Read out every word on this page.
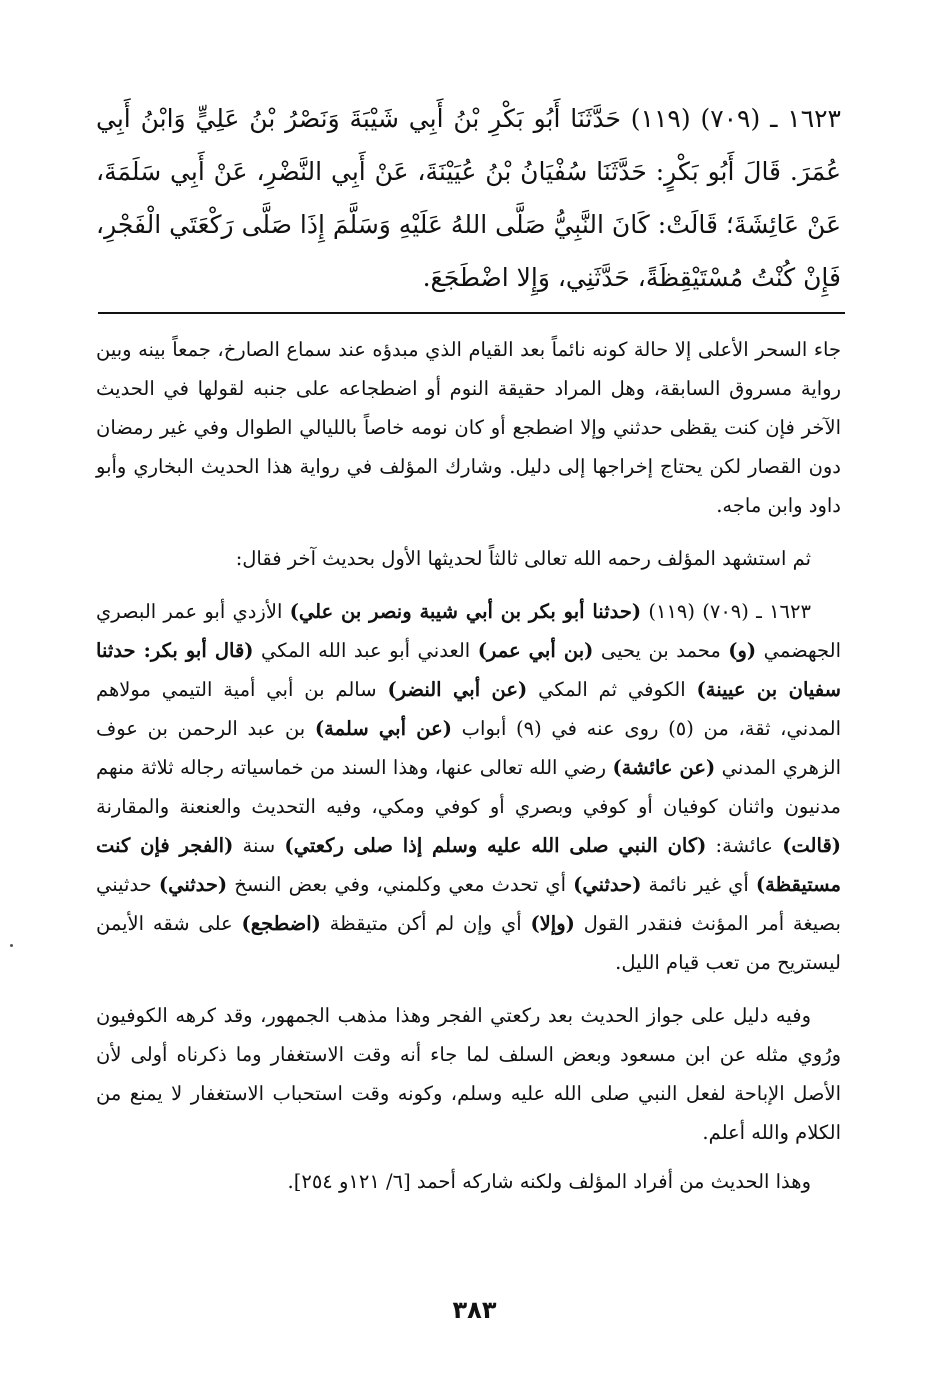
١٦٢٣ ـ (٧٠٩) (١١٩) حَدَّثَنَا أَبُو بَكْرِ بْنُ أَبِي شَيْبَةَ وَنَصْرُ بْنُ عَلِيٍّ وَابْنُ أَبِي عُمَرَ. قَالَ أَبُو بَكْرٍ: حَدَّثَنَا سُفْيَانُ بْنُ عُيَيْنَةَ، عَنْ أَبِي النَّضْرِ، عَنْ أَبِي سَلَمَةَ، عَنْ عَائِشَةَ؛ قَالَتْ: كَانَ النَّبِيُّ صَلَّى اللهُ عَلَيْهِ وَسَلَّمَ إِذَا صَلَّى رَكْعَتَي الْفَجْرِ، فَإِنْ كُنْتُ مُسْتَيْقِظَةً، حَدَّثَنِي، وَإِلا اضْطَجَعَ.

جاء السحر الأعلى إلا حالة كونه نائماً بعد القيام الذي مبدؤه عند سماع الصارخ، جمعاً بينه وبين رواية مسروق السابقة، وهل المراد حقيقة النوم أو اضطجاعه على جنبه لقولها في الحديث الآخر فإن كنت يقظى حدثني وإلا اضطجع أو كان نومه خاصاً بالليالي الطوال وفي غير رمضان دون القصار لكن يحتاج إخراجها إلى دليل. وشارك المؤلف في رواية هذا الحديث البخاري وأبو داود وابن ماجه.

ثم استشهد المؤلف رحمه الله تعالى ثالثاً لحديثها الأول بحديث آخر فقال:

١٦٢٣ ـ (٧٠٩) (١١٩) (حدثنا أبو بكر بن أبي شيبة ونصر بن علي) الأزدي أبو عمر البصري الجهضمي (و) محمد بن يحيى (بن أبي عمر) العدني أبو عبد الله المكي (قال أبو بكر: حدثنا سفيان بن عيينة) الكوفي ثم المكي (عن أبي النضر) سالم بن أبي أمية التيمي مولاهم المدني، ثقة، من (٥) روى عنه في (٩) أبواب (عن أبي سلمة) بن عبد الرحمن بن عوف الزهري المدني (عن عائشة) رضي الله تعالى عنها، وهذا السند من خماسياته رجاله ثلاثة منهم مدنيون واثنان كوفيان أو كوفي وبصري أو كوفي ومكي، وفيه التحديث والعنعنة والمقارنة (قالت) عائشة: (كان النبي صلى الله عليه وسلم إذا صلى ركعتي) سنة (الفجر فإن كنت مستيقظة) أي غير نائمة (حدثني) أي تحدث معي وكلمني، وفي بعض النسخ (حدثني) حدثيني بصيغة أمر المؤنث فنقدر القول (وإلا) أي وإن لم أكن متيقظة (اضطجع) على شقه الأيمن ليستريح من تعب قيام الليل.

وفيه دليل على جواز الحديث بعد ركعتي الفجر وهذا مذهب الجمهور، وقد كرهه الكوفيون ورُوي مثله عن ابن مسعود وبعض السلف لما جاء أنه وقت الاستغفار وما ذكرناه أولى لأن الأصل الإباحة لفعل النبي صلى الله عليه وسلم، وكونه وقت استحباب الاستغفار لا يمنع من الكلام والله أعلم.

وهذا الحديث من أفراد المؤلف ولكنه شاركه أحمد [٦/ ١٢١و ٢٥٤].

٣٨٣
